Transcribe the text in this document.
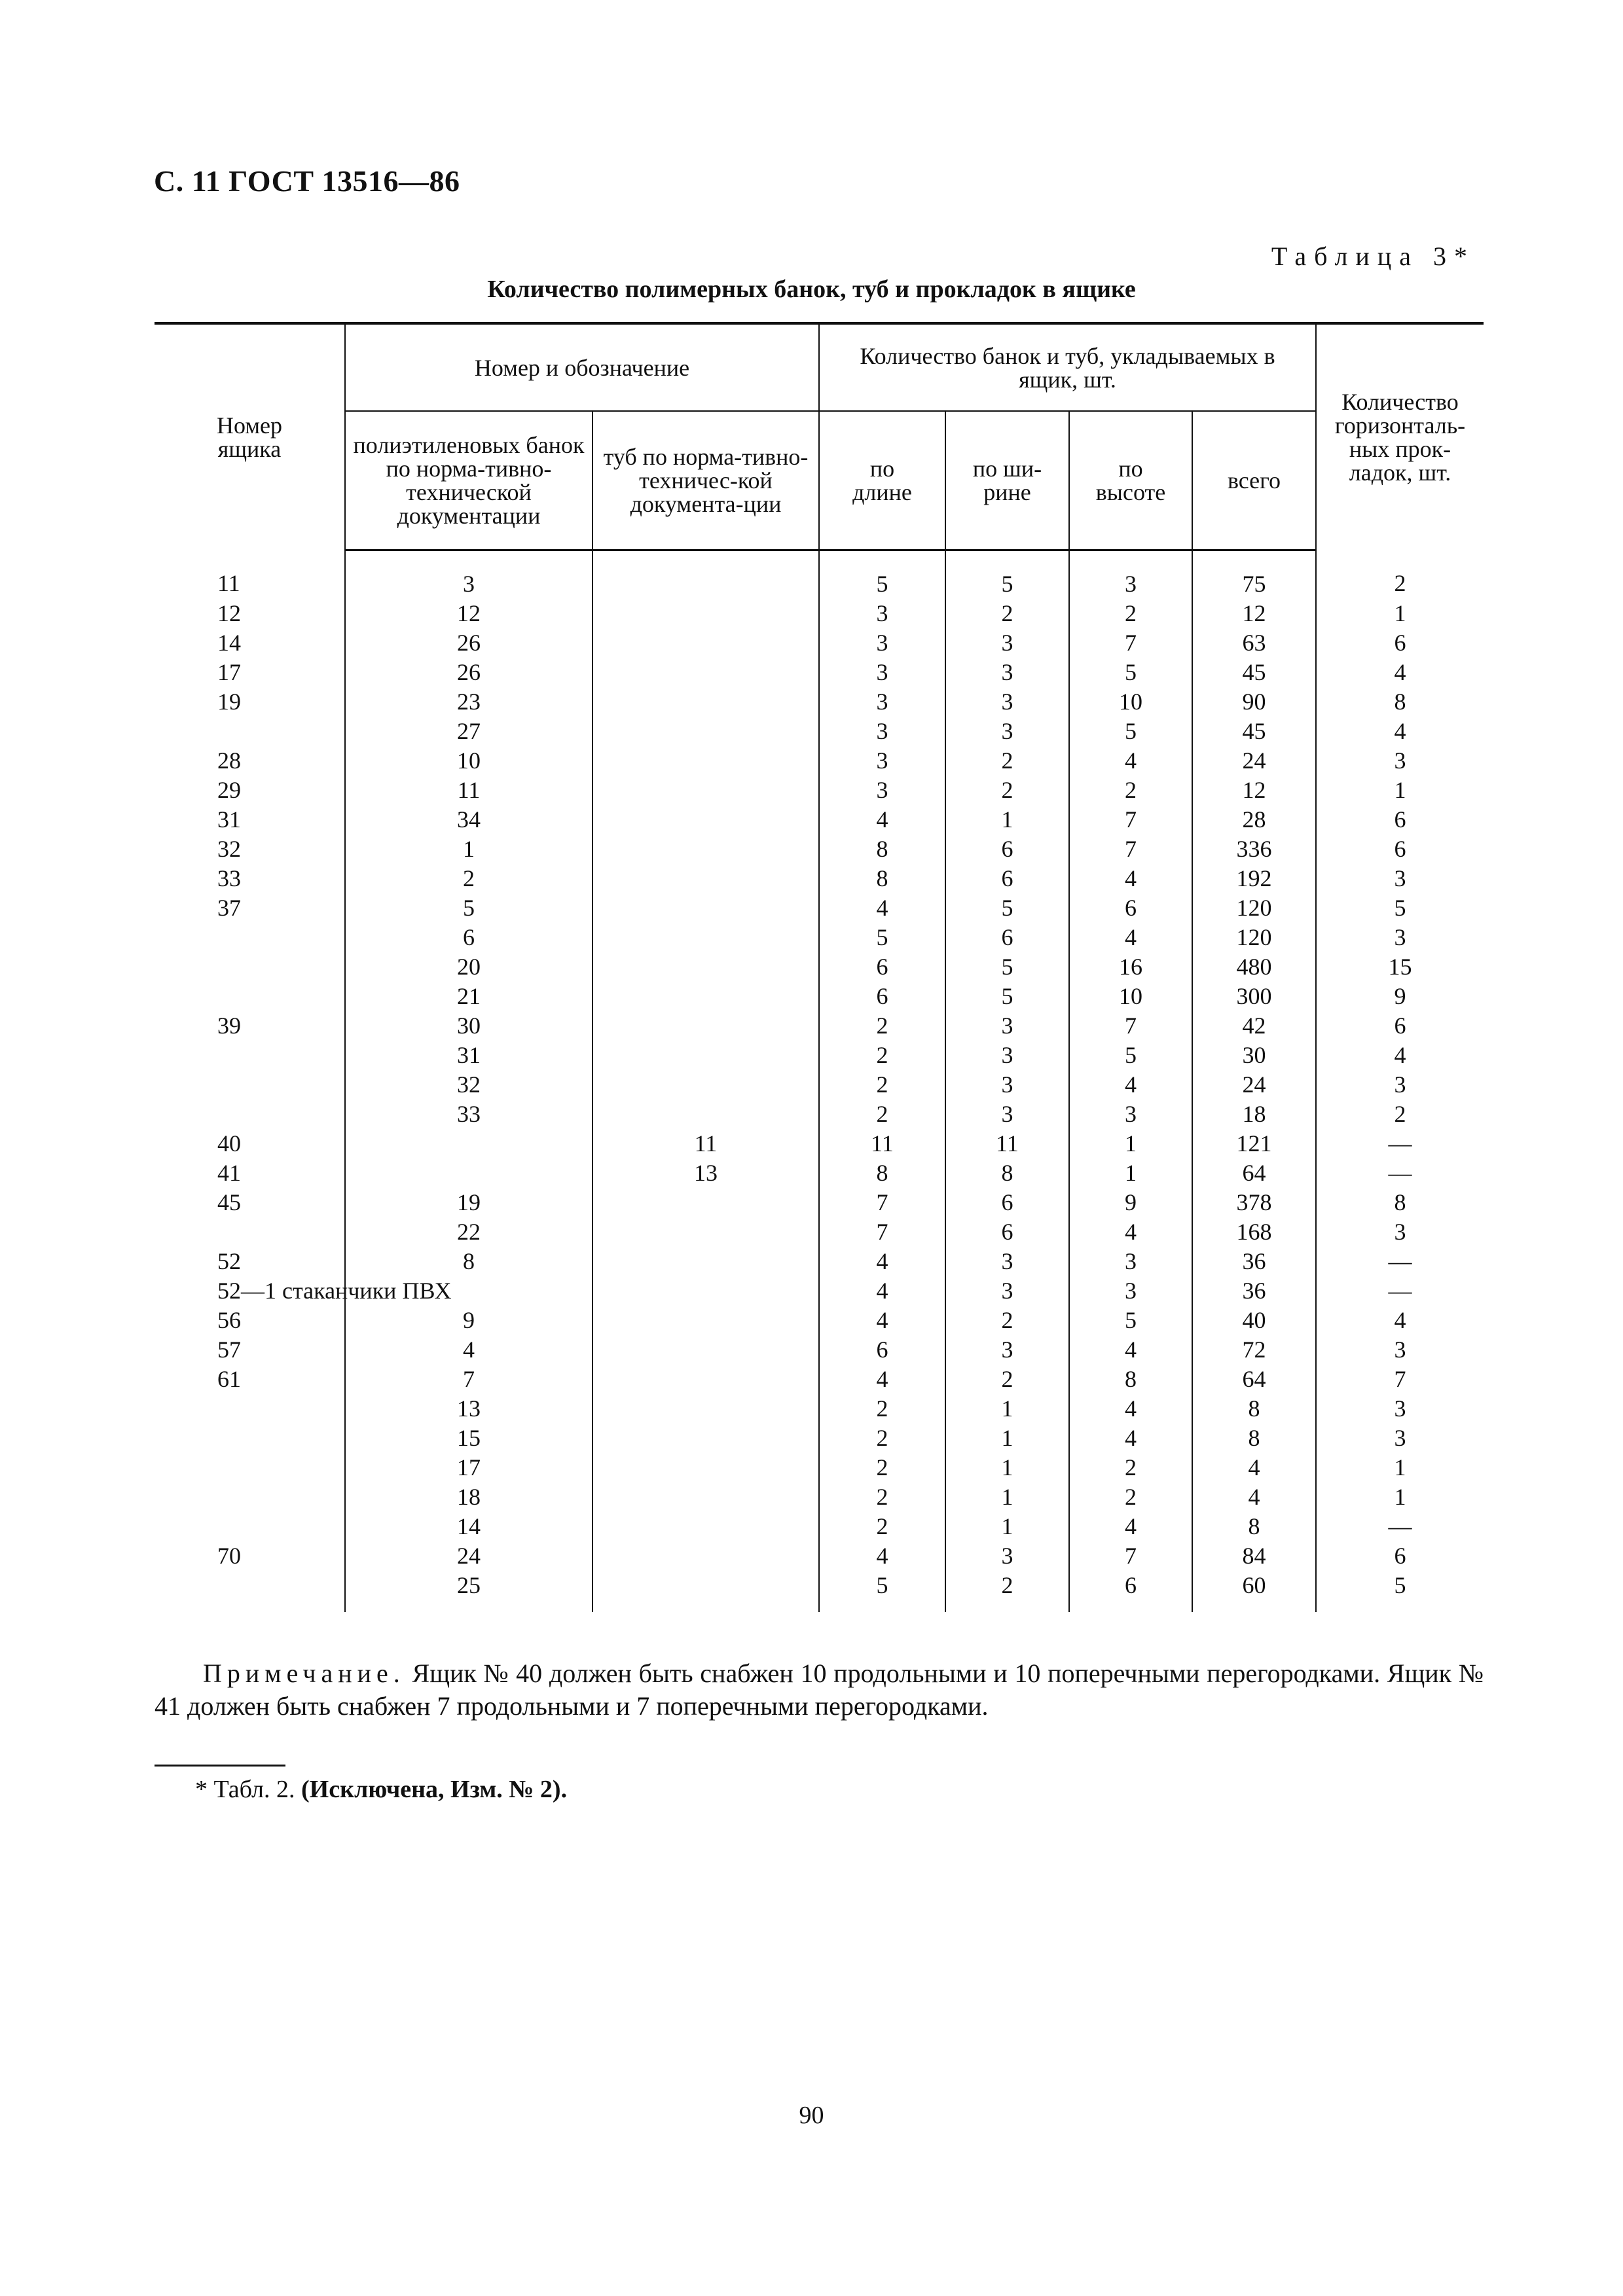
С. 11 ГОСТ 13516—86
Таблица 3*
Количество полимерных банок, туб и прокладок в ящике
Номер ящика	Номер и обозначение		Количество банок и туб, укладываемых в ящик, шт.				Количество горизонталь-ных прок-ладок, шт.
	полиэтиленовых банок по норма-тивно-технической документации	туб по норма-тивно-техничес-кой документа-ции	по длине	по ши-рине	по высоте	всего	
11	3		5	5	3	75	2
12	12		3	2	2	12	1
14	26		3	3	7	63	6
17	26		3	3	5	45	4
19	23		3	3	10	90	8
	27		3	3	5	45	4
28	10		3	2	4	24	3
29	11		3	2	2	12	1
31	34		4	1	7	28	6
32	1		8	6	7	336	6
33	2		8	6	4	192	3
37	5		4	5	6	120	5
	6		5	6	4	120	3
	20		6	5	16	480	15
	21		6	5	10	300	9
39	30		2	3	7	42	6
	31		2	3	5	30	4
	32		2	3	4	24	3
	33		2	3	3	18	2
40		11	11	11	1	121	—
41		13	8	8	1	64	—
45	19		7	6	9	378	8
	22		7	6	4	168	3
52	8		4	3	3	36	—
52—1 стаканчики ПВХ			4	3	3	36	—
56	9		4	2	5	40	4
57	4		6	3	4	72	3
61	7		4	2	8	64	7
	13		2	1	4	8	3
	15		2	1	4	8	3
	17		2	1	2	4	1
	18		2	1	2	4	1
	14		2	1	4	8	—
70	24		4	3	7	84	6
	25		5	2	6	60	5
Примечание. Ящик № 40 должен быть снабжен 10 продольными и 10 поперечными перегородками. Ящик № 41 должен быть снабжен 7 продольными и 7 поперечными перегородками.
* Табл. 2. (Исключена, Изм. № 2).
90
